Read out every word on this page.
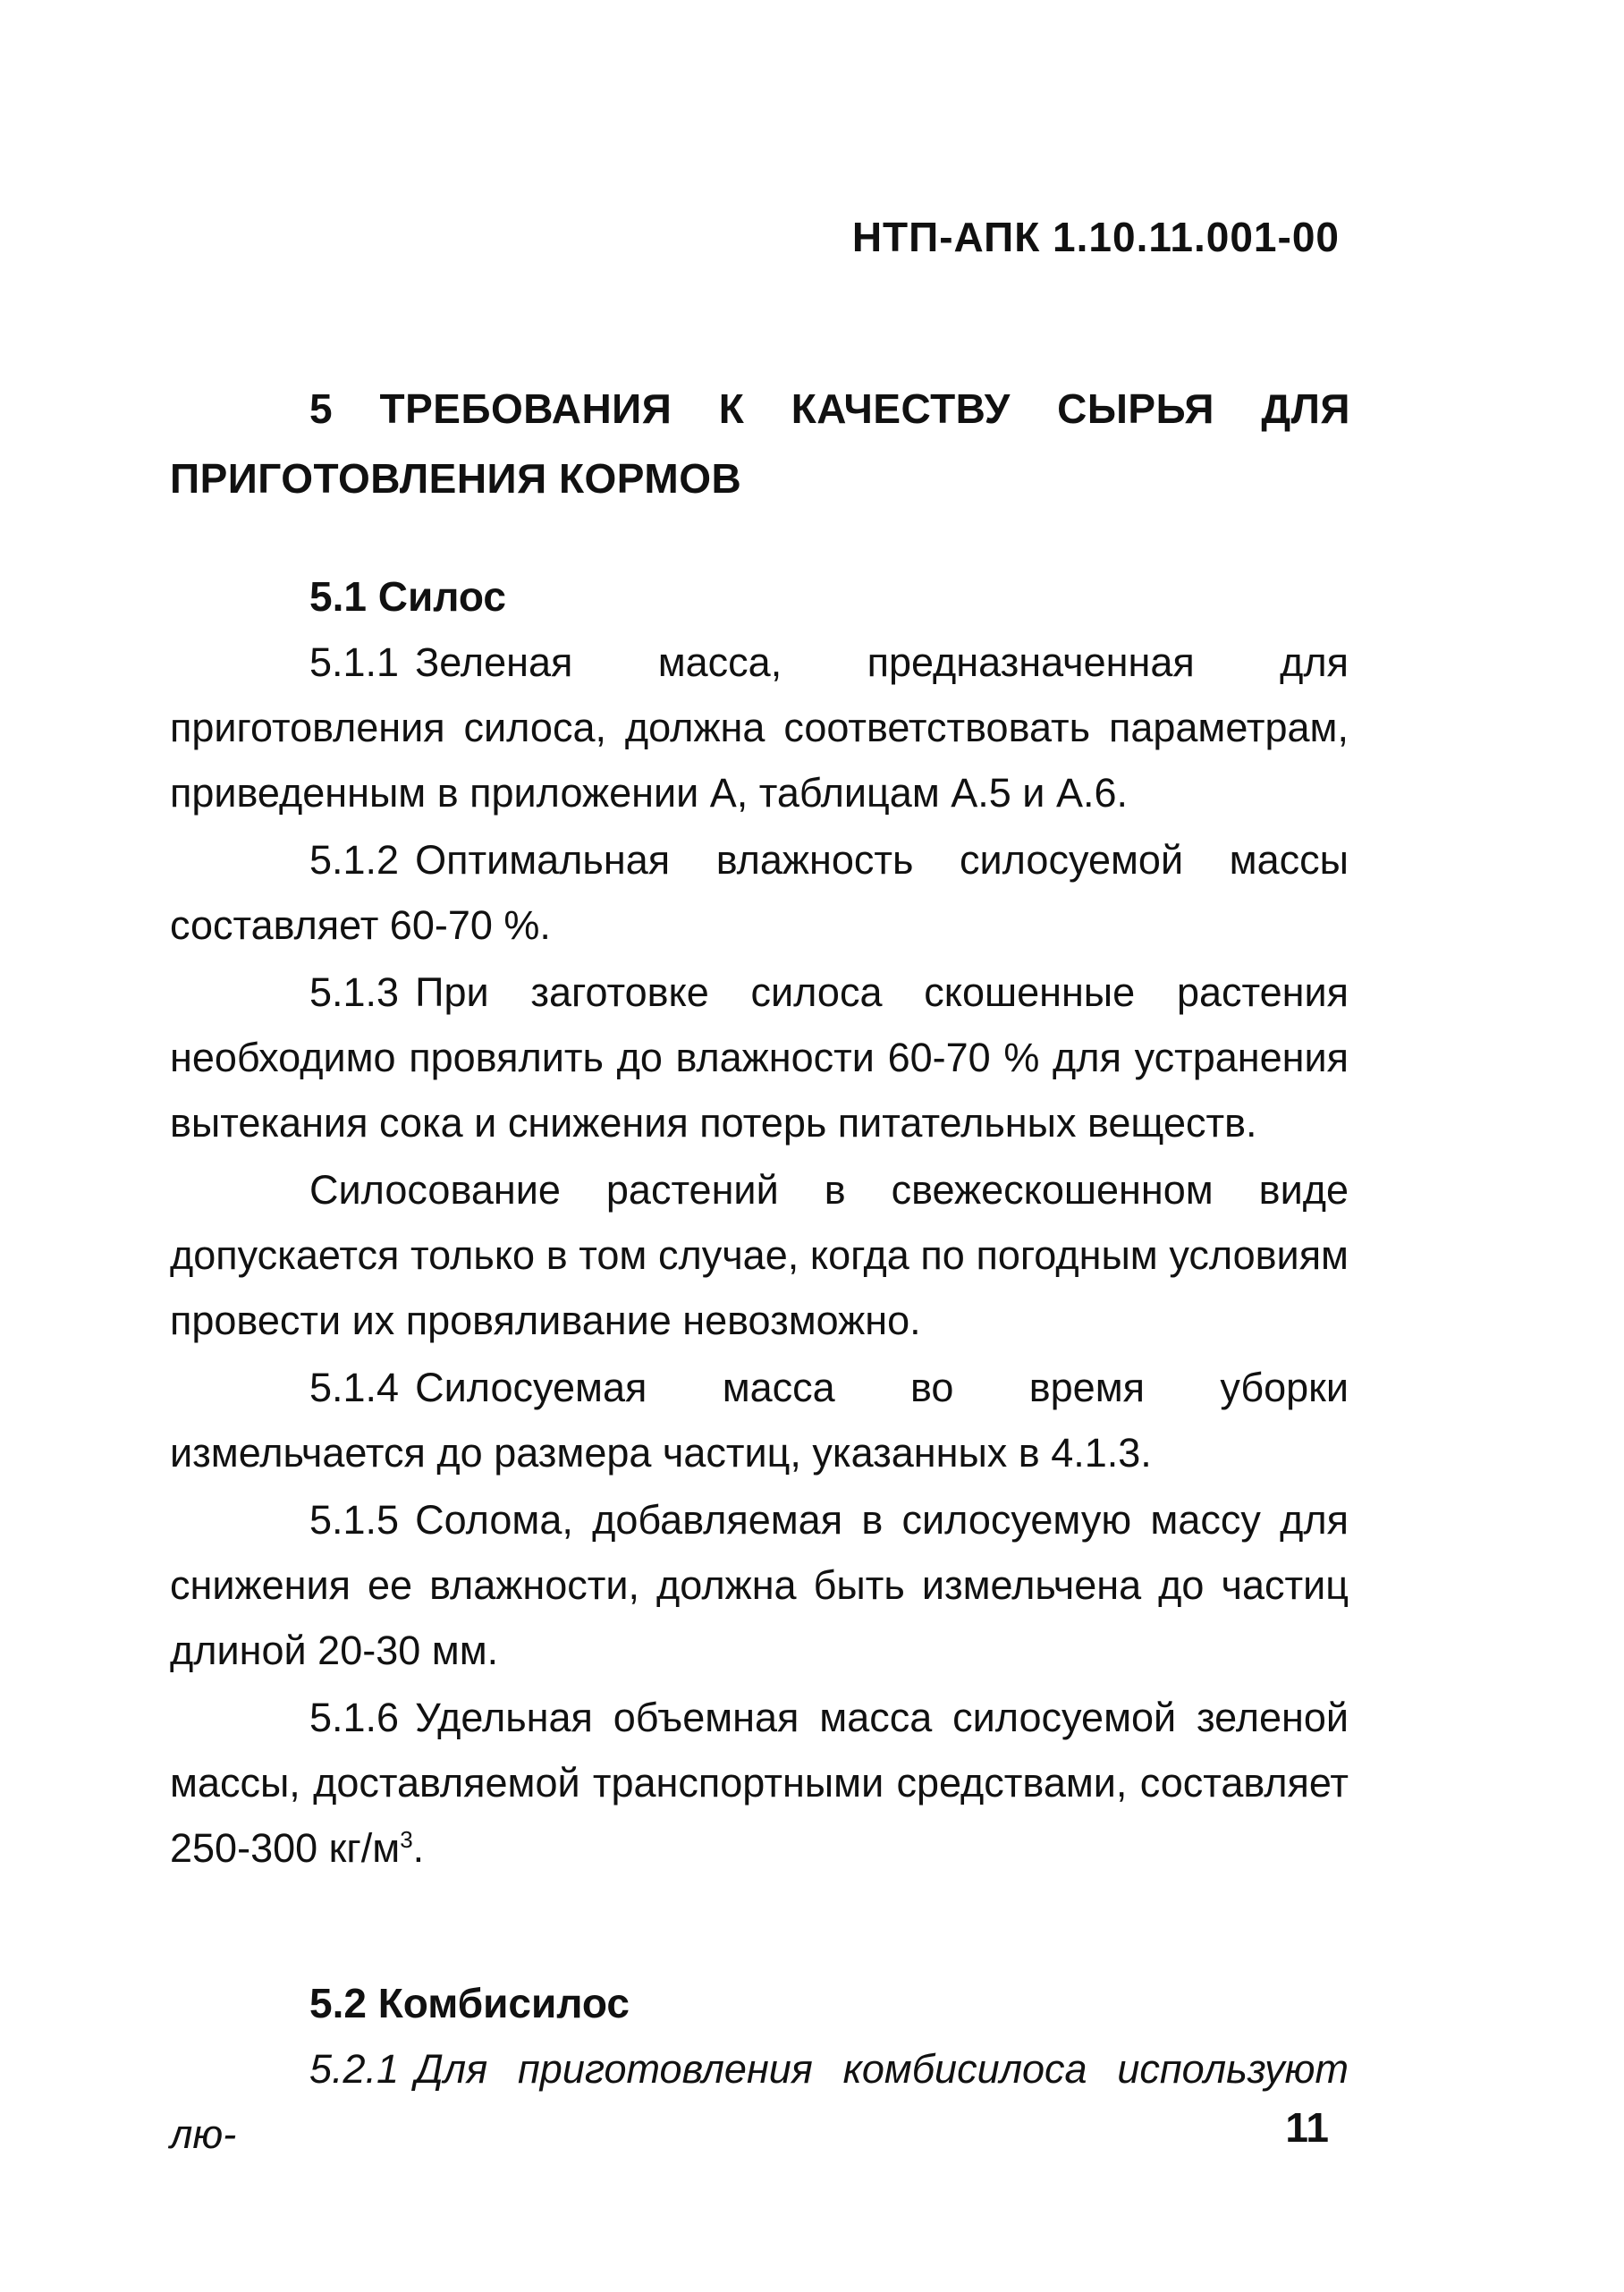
НТП-АПК 1.10.11.001-00
5 ТРЕБОВАНИЯ К КАЧЕСТВУ СЫРЬЯ ДЛЯ ПРИГОТОВЛЕНИЯ КОРМОВ
5.1 Силос

5.1.1 Зеленая масса, предназначенная для приготовления силоса, должна соответствовать параметрам, приведенным в приложении А, таблицам А.5 и А.6.

5.1.2 Оптимальная влажность силосуемой массы составляет 60-70 %.

5.1.3 При заготовке силоса скошенные растения необходимо провялить до влажности 60-70 % для устранения вытекания сока и снижения потерь питательных веществ.

Силосование растений в свежескошенном виде допускается только в том случае, когда по погодным условиям провести их провяливание невозможно.

5.1.4 Силосуемая масса во время уборки измельчается до размера частиц, указанных в 4.1.3.

5.1.5 Солома, добавляемая в силосуемую массу для снижения ее влажности, должна быть измельчена до частиц длиной 20-30 мм.

5.1.6 Удельная объемная масса силосуемой зеленой массы, доставляемой транспортными средствами, составляет 250-300 $кг/м^3$.

5.2 Комбисилос

5.2.1 Для приготовления комбисилоса используют лю-	11
